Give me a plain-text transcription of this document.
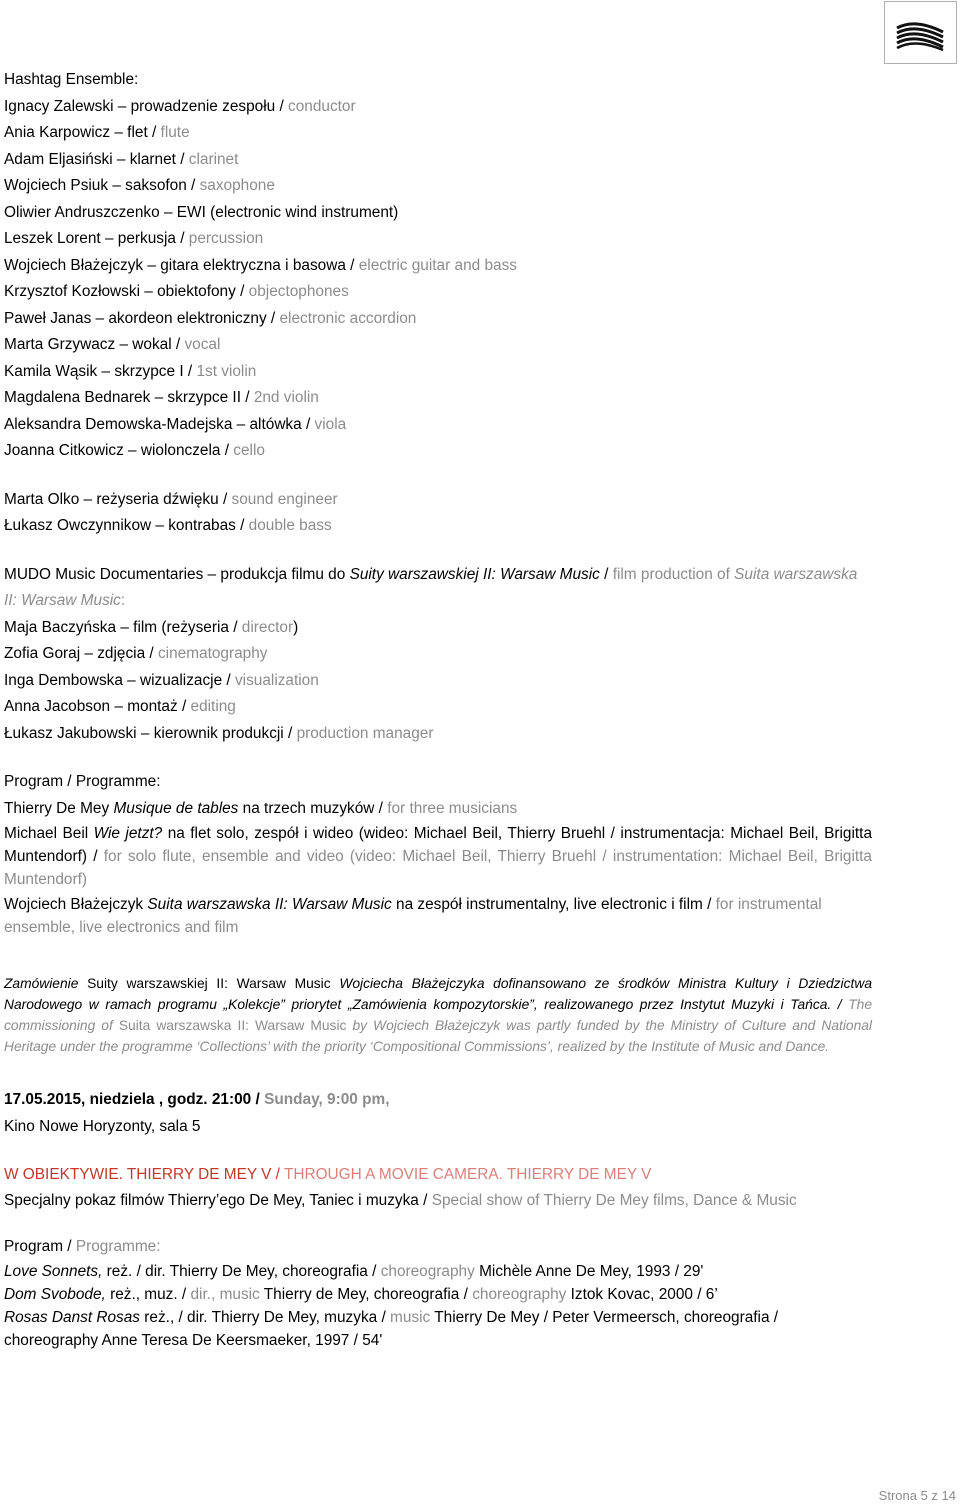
Hashtag Ensemble:
Ignacy Zalewski – prowadzenie zespołu / conductor
Ania Karpowicz – flet / flute
Adam Eljasiński – klarnet / clarinet
Wojciech Psiuk – saksofon / saxophone
Oliwier Andruszczenko – EWI (electronic wind instrument)
Leszek Lorent – perkusja / percussion
Wojciech Błażejczyk – gitara elektryczna i basowa / electric guitar and bass
Krzysztof Kozłowski – obiektofony / objectophones
Paweł Janas – akordeon elektroniczny / electronic accordion
Marta Grzywacz – wokal / vocal
Kamila Wąsik – skrzypce I / 1st violin
Magdalena Bednarek – skrzypce II / 2nd violin
Aleksandra Demowska-Madejska – altówka / viola
Joanna Citkowicz – wiolonczela / cello
Marta Olko – reżyseria dźwięku / sound engineer
Łukasz Owczynnikow – kontrabas / double bass
MUDO Music Documentaries – produkcja filmu do Suity warszawskiej II: Warsaw Music / film production of Suita warszawska II: Warsaw Music:
Maja Baczyńska – film (reżyseria / director)
Zofia Goraj – zdjęcia / cinematography
Inga Dembowska – wizualizacje / visualization
Anna Jacobson – montaż / editing
Łukasz Jakubowski – kierownik produkcji / production manager
Program / Programme:
Thierry De Mey Musique de tables na trzech muzyków / for three musicians
Michael Beil Wie jetzt? na flet solo, zespół i wideo (wideo: Michael Beil, Thierry Bruehl / instrumentacja: Michael Beil, Brigitta Muntendorf) / for solo flute, ensemble and video (video: Michael Beil, Thierry Bruehl / instrumentation: Michael Beil, Brigitta Muntendorf)
Wojciech Błażejczyk Suita warszawska II: Warsaw Music na zespół instrumentalny, live electronic i film / for instrumental ensemble, live electronics and film
Zamówienie Suity warszawskiej II: Warsaw Music Wojciecha Błażejczyka dofinansowano ze środków Ministra Kultury i Dziedzictwa Narodowego w ramach programu „Kolekcje” priorytet „Zamówienia kompozytorskie”, realizowanego przez Instytut Muzyki i Tańca. / The commissioning of Suita warszawska II: Warsaw Music by Wojciech Błażejczyk was partly funded by the Ministry of Culture and National Heritage under the programme ‘Collections’ with the priority ‘Compositional Commissions’, realized by the Institute of Music and Dance.
17.05.2015, niedziela , godz. 21:00 / Sunday, 9:00 pm,
Kino Nowe Horyzonty, sala 5
W OBIEKTYWIE. THIERRY DE MEY V / THROUGH A MOVIE CAMERA. THIERRY DE MEY V
Specjalny pokaz filmów Thierry’ego De Mey, Taniec i muzyka / Special show of Thierry De Mey films, Dance & Music
Program / Programme:
Love Sonnets, reż. / dir. Thierry De Mey, choreografia / choreography Michèle Anne De Mey, 1993 / 29'
Dom Svobode, reż., muz. / dir., music Thierry de Mey, choreografia / choreography Iztok Kovac, 2000 / 6’
Rosas Danst Rosas reż., / dir. Thierry De Mey, muzyka / music Thierry De Mey / Peter Vermeersch, choreografia / choreography Anne Teresa De Keersmaeker, 1997 / 54'
Strona 5 z 14
